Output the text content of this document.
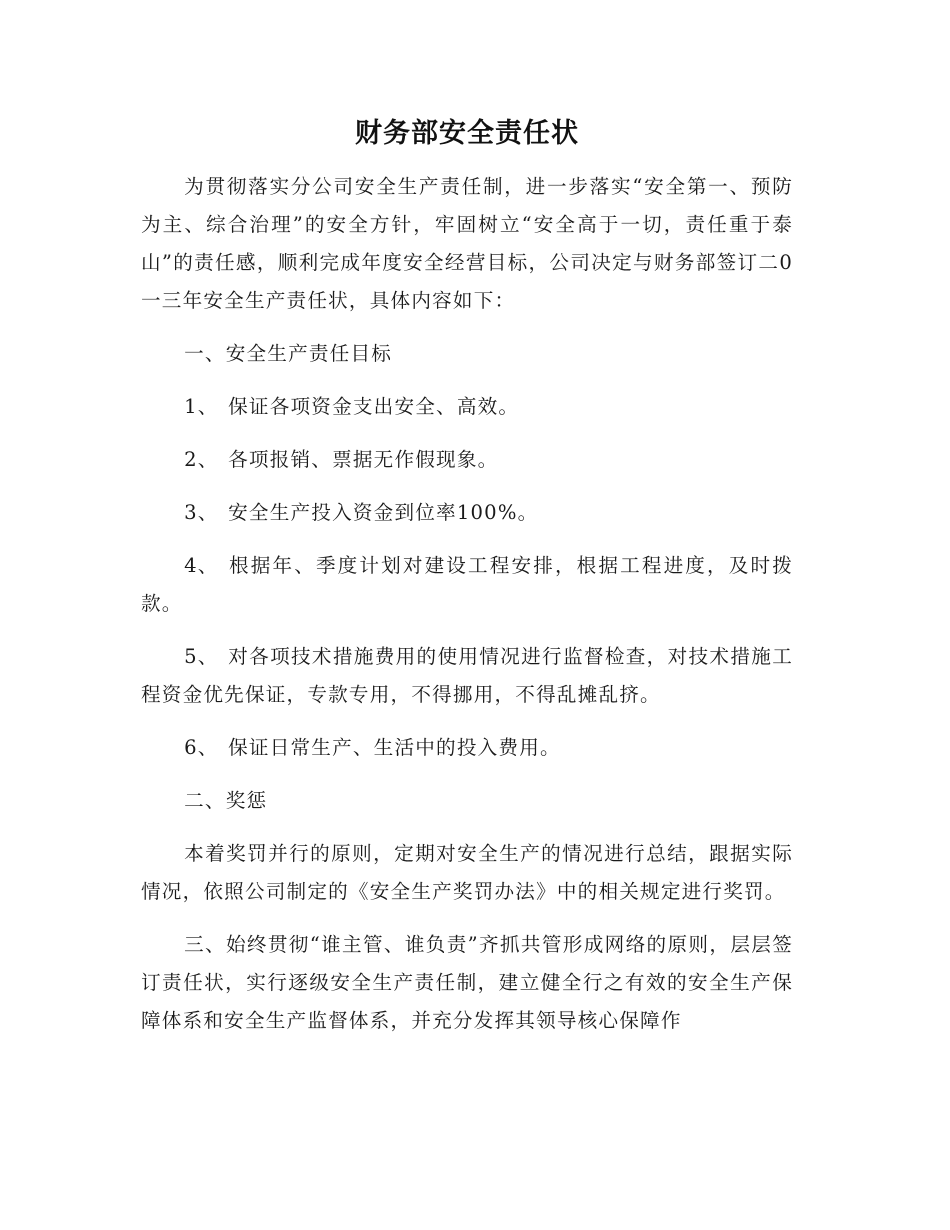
财务部安全责任状

为贯彻落实分公司安全生产责任制，进一步落实“安全第一、预防为主、综合治理”的安全方针，牢固树立“安全高于一切，责任重于泰山”的责任感，顺利完成年度安全经营目标，公司决定与财务部签订二0一三年安全生产责任状，具体内容如下：

一、安全生产责任目标

1、 保证各项资金支出安全、高效。

2、 各项报销、票据无作假现象。

3、 安全生产投入资金到位率100%。

4、 根据年、季度计划对建设工程安排，根据工程进度，及时拨款。

5、 对各项技术措施费用的使用情况进行监督检查，对技术措施工程资金优先保证，专款专用，不得挪用，不得乱摊乱挤。

6、 保证日常生产、生活中的投入费用。

二、奖惩

本着奖罚并行的原则，定期对安全生产的情况进行总结，跟据实际情况，依照公司制定的《安全生产奖罚办法》中的相关规定进行奖罚。

三、始终贯彻“谁主管、谁负责”齐抓共管形成网络的原则，层层签订责任状，实行逐级安全生产责任制，建立健全行之有效的安全生产保障体系和安全生产监督体系，并充分发挥其领导核心保障作
